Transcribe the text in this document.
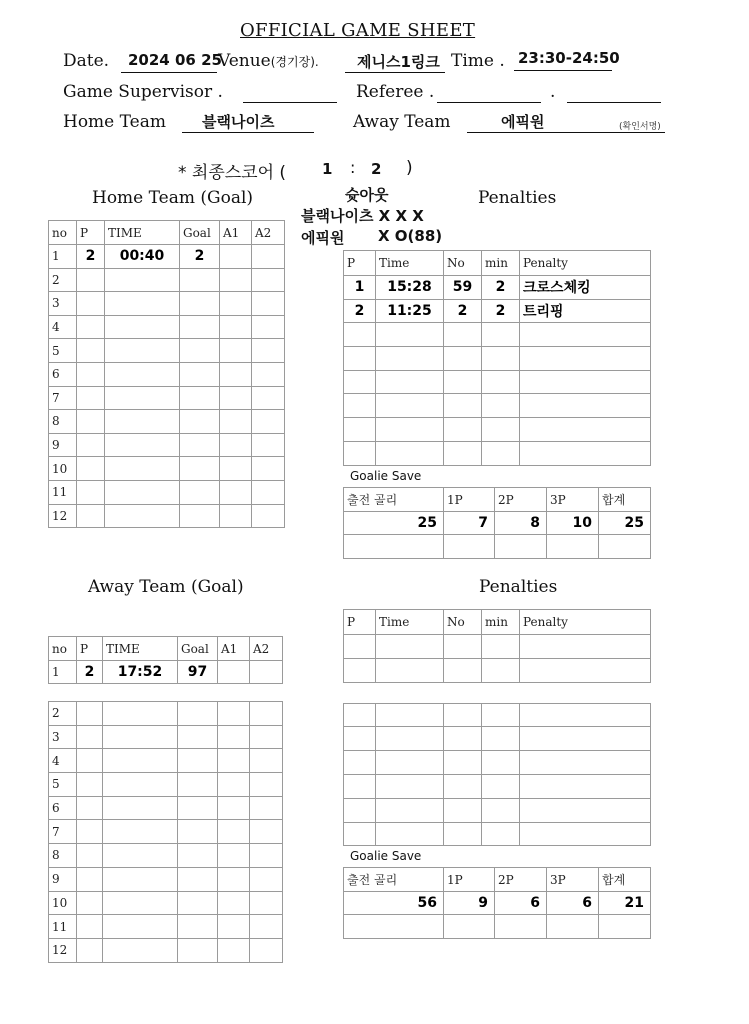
OFFICIAL GAME SHEET
Date. 2024 06 25
Venue(경기장).	제니스1링크 Time . 23:30-24:50
Game Supervisor .	Referee .	.
Home Team 블랙나이츠	Away Team	에픽원	(확인서명)
* 최종스코어 ( 1 : 2 )
슛아웃
블랙나이츠 X X X
에픽원 X O(88)
Home Team (Goal)	Penalties
Away Team (Goal)	Penalties
Goalie Save
Goalie Save
no	P	TIME	Goal	A1	A2
1	2	00:40	2		
2					
3					
4					
5					
6					
7					
8					
9					
10					
11					
12					
P	Time	No	min	Penalty
1	15:28	59	2	크로스체킹
2	11:25	2	2	트리핑

출전 골리	1P	2P	3P	합계
25	7	8	10	25

no	P	TIME	Goal	A1	A2
1	2	17:52	97		
2					
3					
4					
5					
6					
7					
8					
9					
10					
11					
12					
P	Time	No	min	Penalty

출전 골리	1P	2P	3P	합계
56	9	6	6	21
